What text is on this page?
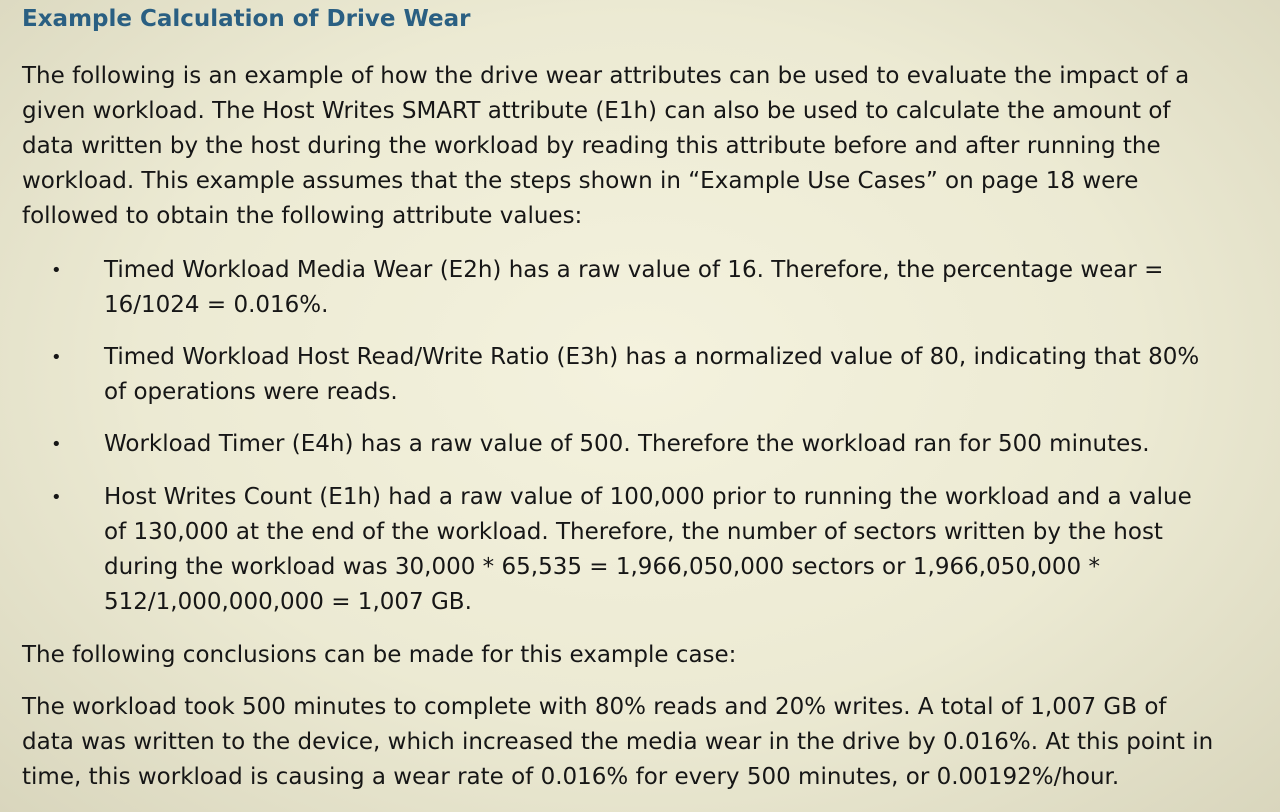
Example Calculation of Drive Wear

The following is an example of how the drive wear attributes can be used to evaluate the impact of a
given workload. The Host Writes SMART attribute (E1h) can also be used to calculate the amount of
data written by the host during the workload by reading this attribute before and after running the
workload. This example assumes that the steps shown in “Example Use Cases” on page 18 were
followed to obtain the following attribute values:

• Timed Workload Media Wear (E2h) has a raw value of 16. Therefore, the percentage wear =
16/1024 = 0.016%.
• Timed Workload Host Read/Write Ratio (E3h) has a normalized value of 80, indicating that 80%
of operations were reads.
• Workload Timer (E4h) has a raw value of 500. Therefore the workload ran for 500 minutes.
• Host Writes Count (E1h) had a raw value of 100,000 prior to running the workload and a value
of 130,000 at the end of the workload. Therefore, the number of sectors written by the host
during the workload was 30,000 * 65,535 = 1,966,050,000 sectors or 1,966,050,000 *
512/1,000,000,000 = 1,007 GB.

The following conclusions can be made for this example case:

The workload took 500 minutes to complete with 80% reads and 20% writes. A total of 1,007 GB of
data was written to the device, which increased the media wear in the drive by 0.016%. At this point in
time, this workload is causing a wear rate of 0.016% for every 500 minutes, or 0.00192%/hour.
